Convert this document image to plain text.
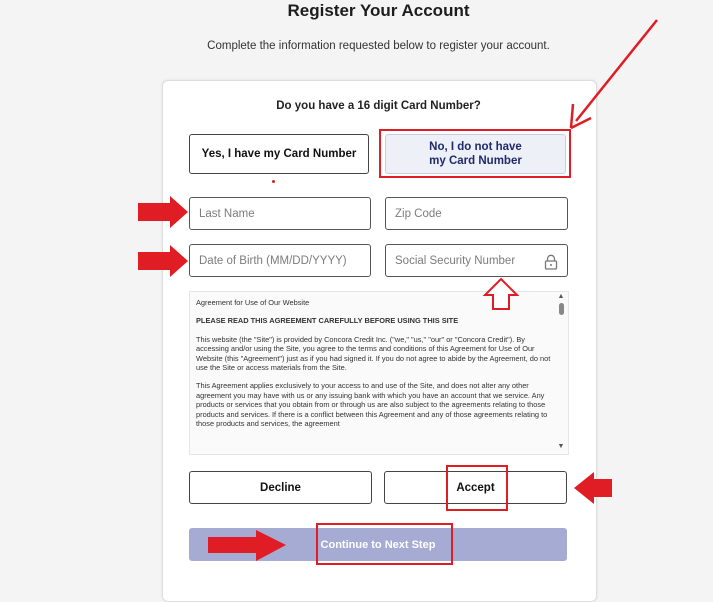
Register Your Account
Complete the information requested below to register your account.
Do you have a 16 digit Card Number?
Yes, I have my Card Number
No, I do not have
my Card Number
Last Name
Zip Code
Date of Birth (MM/DD/YYYY)

Agreement for Use of Our Website

PLEASE READ THIS AGREEMENT CAREFULLY BEFORE USING THIS SITE

This website (the "Site") is provided by Concora Credit Inc. ("we," "us," "our" or "Concora Credit"). By accessing and/or using the Site, you agree to the terms and conditions of this Agreement for Use of Our Website (this "Agreement") just as if you had signed it. If you do not agree to abide by the Agreement, do not use the Site or access materials from the Site.

This Agreement applies exclusively to your access to and use of the Site, and does not alter any other agreement you may have with us or any issuing bank with which you have an account that we service. Any products or services that you obtain from or through us are also subject to the agreements relating to those products and services. If there is a conflict between this Agreement and any of those agreements relating to those products and services, the agreement

▲
▼
Decline	Accept
Continue to Next Step
